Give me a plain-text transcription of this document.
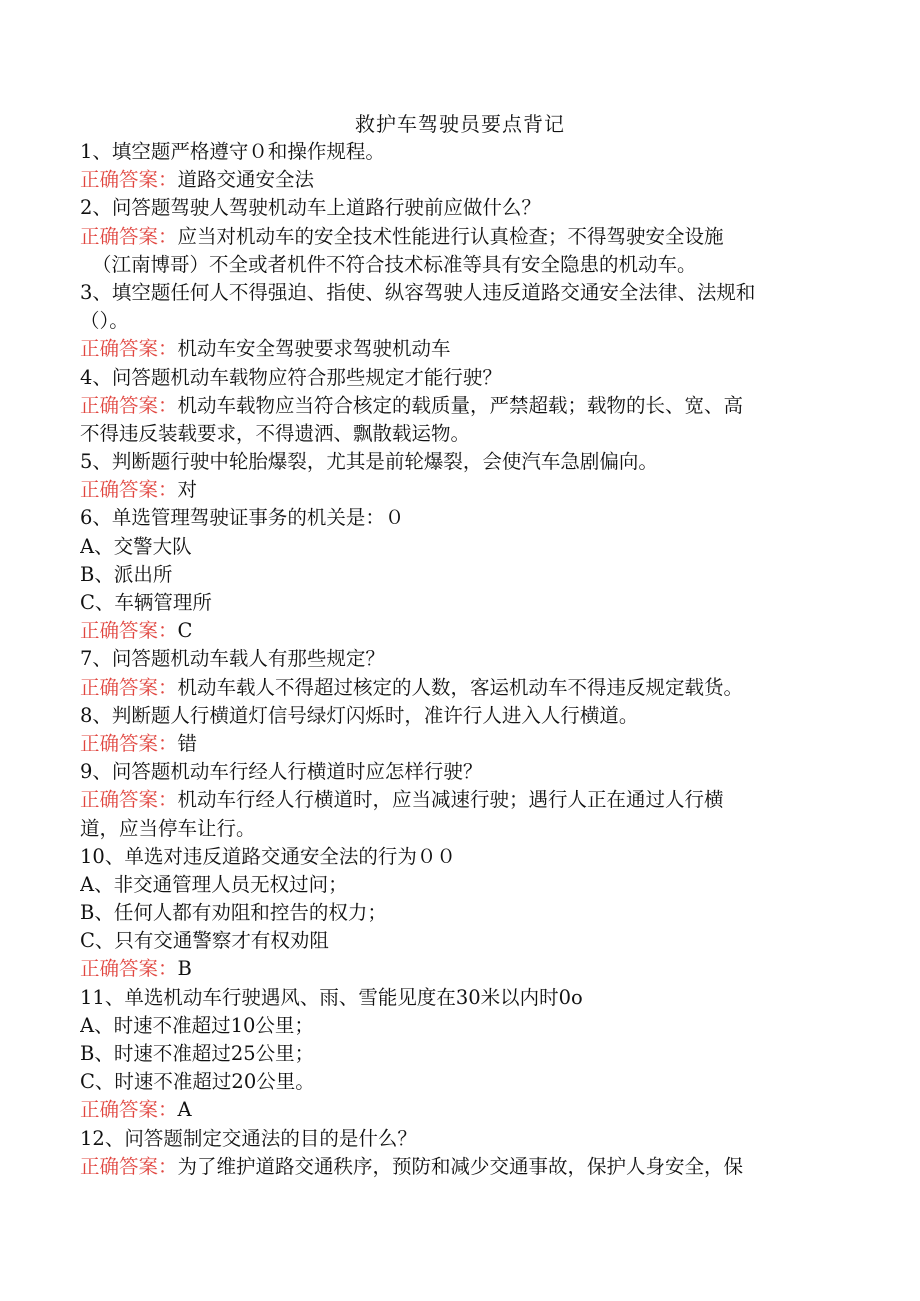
救护车驾驶员要点背记
1、填空题严格遵守０和操作规程。
正确答案：道路交通安全法
2、问答题驾驶人驾驶机动车上道路行驶前应做什么？
正确答案：应当对机动车的安全技术性能进行认真检查；不得驾驶安全设施
（江南博哥）不全或者机件不符合技术标准等具有安全隐患的机动车。
3、填空题任何人不得强迫、指使、纵容驾驶人违反道路交通安全法律、法规和
（）。
正确答案：机动车安全驾驶要求驾驶机动车
4、问答题机动车载物应符合那些规定才能行驶？
正确答案：机动车载物应当符合核定的载质量，严禁超载；载物的长、宽、高
不得违反装载要求，不得遗洒、飘散载运物。
5、判断题行驶中轮胎爆裂，尤其是前轮爆裂，会使汽车急剧偏向。
正确答案：对
6、单选管理驾驶证事务的机关是：０
A、交警大队
B、派出所
C、车辆管理所
正确答案：C
7、问答题机动车载人有那些规定？
正确答案：机动车载人不得超过核定的人数，客运机动车不得违反规定载货。
8、判断题人行横道灯信号绿灯闪烁时，准许行人进入人行横道。
正确答案：错
9、问答题机动车行经人行横道时应怎样行驶？
正确答案：机动车行经人行横道时，应当减速行驶；遇行人正在通过人行横
道，应当停车让行。
10、单选对违反道路交通安全法的行为００
A、非交通管理人员无权过问；
B、任何人都有劝阻和控告的权力；
C、只有交通警察才有权劝阻
正确答案：B
11、单选机动车行驶遇风、雨、雪能见度在30米以内时0o
A、时速不准超过10公里；
B、时速不准超过25公里；
C、时速不准超过20公里。
正确答案：A
12、问答题制定交通法的目的是什么？
正确答案：为了维护道路交通秩序，预防和减少交通事故，保护人身安全，保
